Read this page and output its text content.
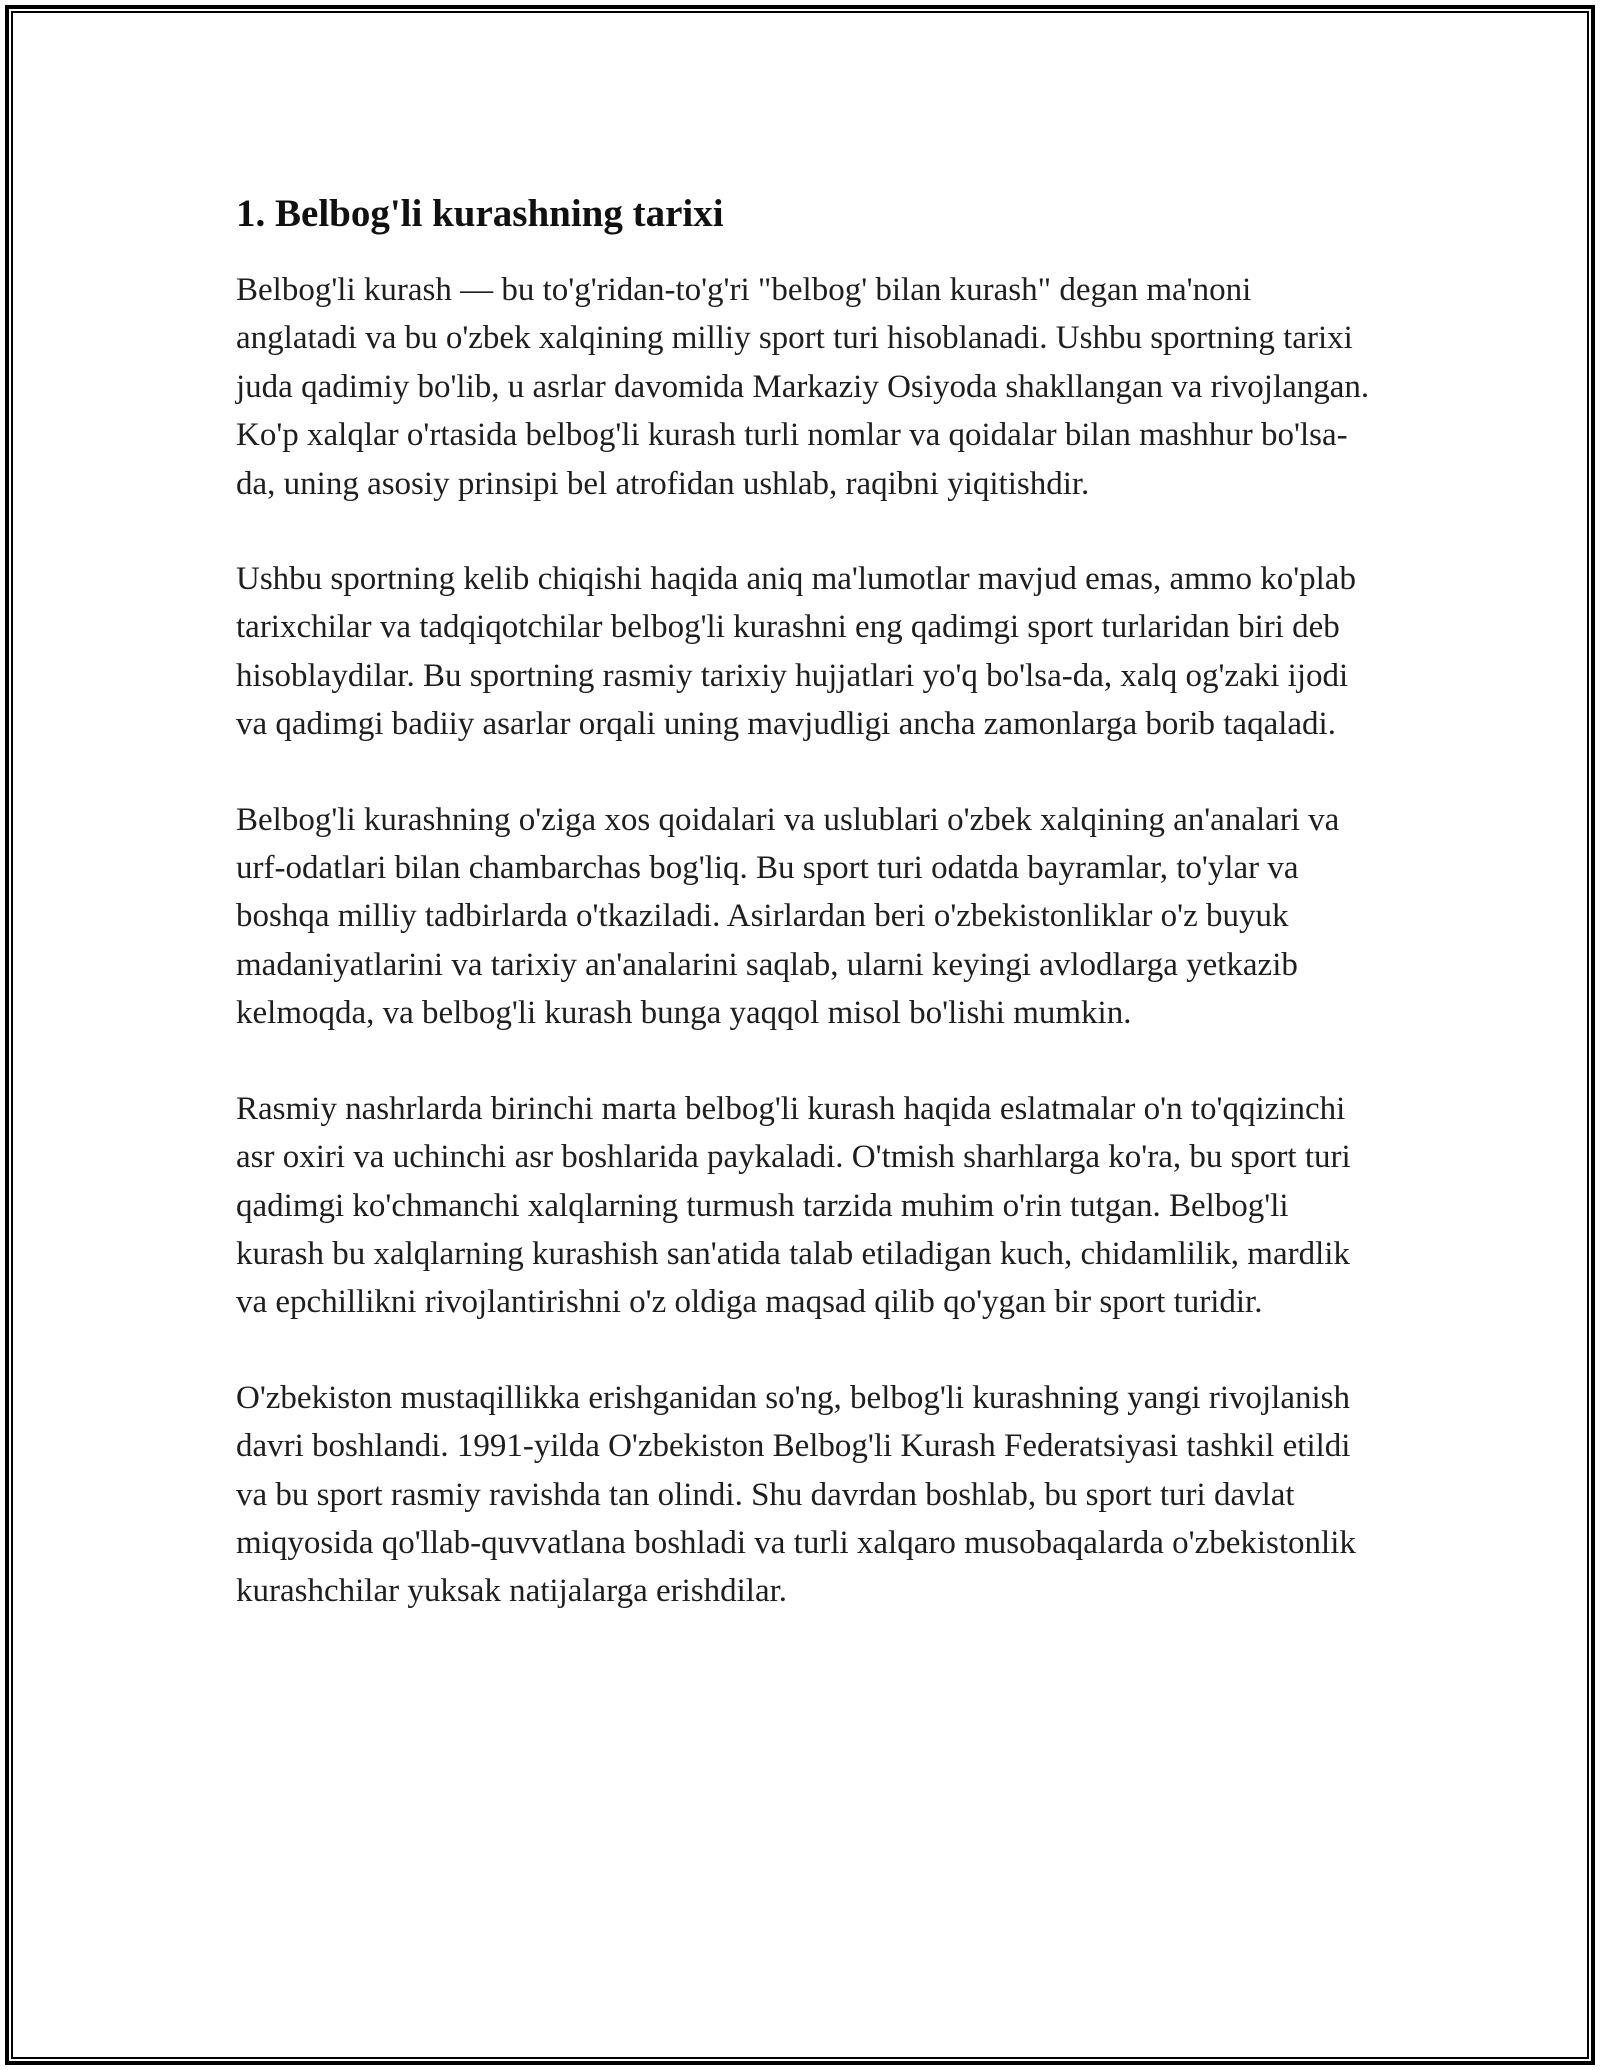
1. Belbog'li kurashning tarixi

Belbog'li kurash — bu to'g'ridan-to'g'ri "belbog' bilan kurash" degan ma'noni anglatadi va bu o'zbek xalqining milliy sport turi hisoblanadi. Ushbu sportning tarixi juda qadimiy bo'lib, u asrlar davomida Markaziy Osiyoda shakllangan va rivojlangan. Ko'p xalqlar o'rtasida belbog'li kurash turli nomlar va qoidalar bilan mashhur bo'lsa-da, uning asosiy prinsipi bel atrofidan ushlab, raqibni yiqitishdir.

Ushbu sportning kelib chiqishi haqida aniq ma'lumotlar mavjud emas, ammo ko'plab tarixchilar va tadqiqotchilar belbog'li kurashni eng qadimgi sport turlaridan biri deb hisoblaydilar. Bu sportning rasmiy tarixiy hujjatlari yo'q bo'lsa-da, xalq og'zaki ijodi va qadimgi badiiy asarlar orqali uning mavjudligi ancha zamonlarga borib taqaladi.

Belbog'li kurashning o'ziga xos qoidalari va uslublari o'zbek xalqining an'analari va urf-odatlari bilan chambarchas bog'liq. Bu sport turi odatda bayramlar, to'ylar va boshqa milliy tadbirlarda o'tkaziladi. Asirlardan beri o'zbekistonliklar o'z buyuk madaniyatlarini va tarixiy an'analarini saqlab, ularni keyingi avlodlarga yetkazib kelmoqda, va belbog'li kurash bunga yaqqol misol bo'lishi mumkin.

Rasmiy nashrlarda birinchi marta belbog'li kurash haqida eslatmalar o'n to'qqizinchi asr oxiri va uchinchi asr boshlarida paykaladi. O'tmish sharhlarga ko'ra, bu sport turi qadimgi ko'chmanchi xalqlarning turmush tarzida muhim o'rin tutgan. Belbog'li kurash bu xalqlarning kurashish san'atida talab etiladigan kuch, chidamlilik, mardlik va epchillikni rivojlantirishni o'z oldiga maqsad qilib qo'ygan bir sport turidir.

O'zbekiston mustaqillikka erishganidan so'ng, belbog'li kurashning yangi rivojlanish davri boshlandi. 1991-yilda O'zbekiston Belbog'li Kurash Federatsiyasi tashkil etildi va bu sport rasmiy ravishda tan olindi. Shu davrdan boshlab, bu sport turi davlat miqyosida qo'llab-quvvatlana boshladi va turli xalqaro musobaqalarda o'zbekistonlik kurashchilar yuksak natijalarga erishdilar.
